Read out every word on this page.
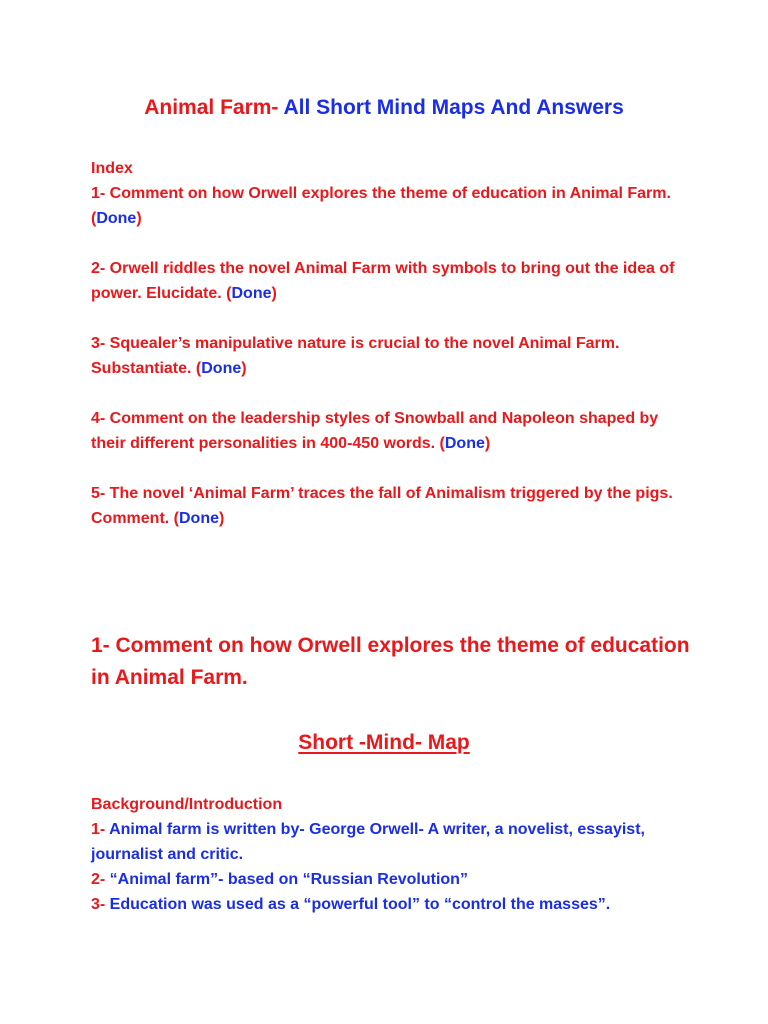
Animal Farm- All Short Mind Maps And Answers

Index

1- Comment on how Orwell explores the theme of education in Animal Farm. (Done)

2- Orwell riddles the novel Animal Farm with symbols to bring out the idea of power. Elucidate. (Done)

3- Squealer’s manipulative nature is crucial to the novel Animal Farm. Substantiate. (Done)

4- Comment on the leadership styles of Snowball and Napoleon shaped by their different personalities in 400-450 words. (Done)

5- The novel ‘Animal Farm’ traces the fall of Animalism triggered by the pigs. Comment. (Done)

1- Comment on how Orwell explores the theme of education in Animal Farm.
Short -Mind- Map

Background/Introduction

1- Animal farm is written by- George Orwell- A writer, a novelist, essayist, journalist and critic.

2- “Animal farm”- based on “Russian Revolution”

3- Education was used as a “powerful tool” to “control the masses”.
